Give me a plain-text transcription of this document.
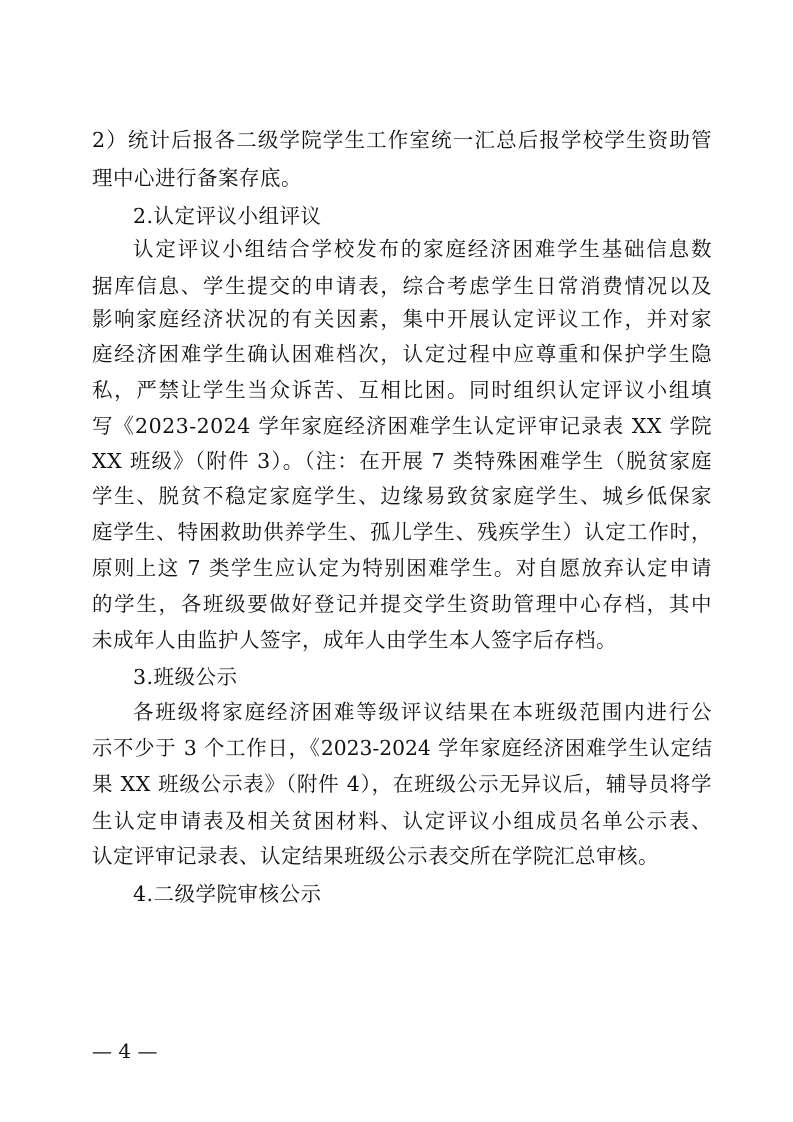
2）统计后报各二级学院学生工作室统一汇总后报学校学生资助管
理中心进行备案存底。
2.认定评议小组评议
认定评议小组结合学校发布的家庭经济困难学生基础信息数
据库信息、学生提交的申请表，综合考虑学生日常消费情况以及
影响家庭经济状况的有关因素，集中开展认定评议工作，并对家
庭经济困难学生确认困难档次，认定过程中应尊重和保护学生隐
私，严禁让学生当众诉苦、互相比困。同时组织认定评议小组填
写《2023-2024 学年家庭经济困难学生认定评审记录表 XX 学院
XX 班级》（附件 3）。（注：在开展 7 类特殊困难学生（脱贫家庭
学生、脱贫不稳定家庭学生、边缘易致贫家庭学生、城乡低保家
庭学生、特困救助供养学生、孤儿学生、残疾学生）认定工作时，
原则上这 7 类学生应认定为特别困难学生。对自愿放弃认定申请
的学生，各班级要做好登记并提交学生资助管理中心存档，其中
未成年人由监护人签字，成年人由学生本人签字后存档。
3.班级公示
各班级将家庭经济困难等级评议结果在本班级范围内进行公
示不少于 3 个工作日，《2023-2024 学年家庭经济困难学生认定结
果 XX 班级公示表》（附件 4），在班级公示无异议后，辅导员将学
生认定申请表及相关贫困材料、认定评议小组成员名单公示表、
认定评审记录表、认定结果班级公示表交所在学院汇总审核。
4.二级学院审核公示
— 4 —
